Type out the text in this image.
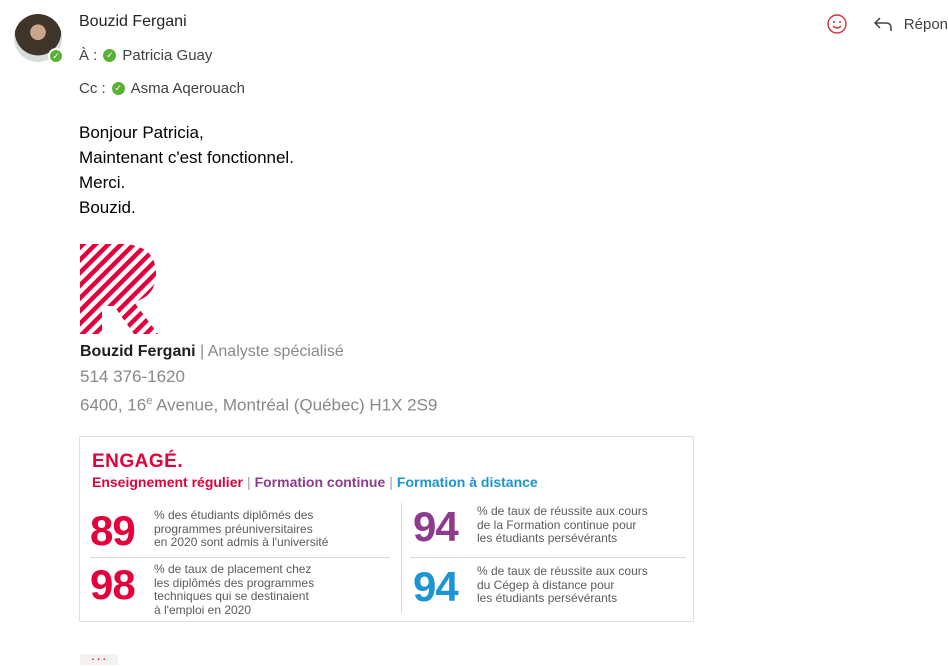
✓
Bouzid Fergani
À : ✓ Patricia Guay
Cc : ✓ Asma Aqerouach
Répon
Bonjour Patricia,
Maintenant c'est fonctionnel.
Merci.
Bouzid.
Bouzid Fergani | Analyste spécialisé
514 376-1620
6400, 16e Avenue, Montréal (Québec) H1X 2S9
ENGAGÉ.
Enseignement régulier | Formation continue | Formation à distance
89 % des étudiants diplômés des
programmes préuniversitaires
en 2020 sont admis à l'université 94 % de taux de réussite aux cours
de la Formation continue pour
les étudiants persévérants
98 % de taux de placement chez
les diplômés des programmes
techniques qui se destinaient
à l'emploi en 2020	94 % de taux de réussite aux cours
du Cégep à distance pour
les étudiants persévérants
···
